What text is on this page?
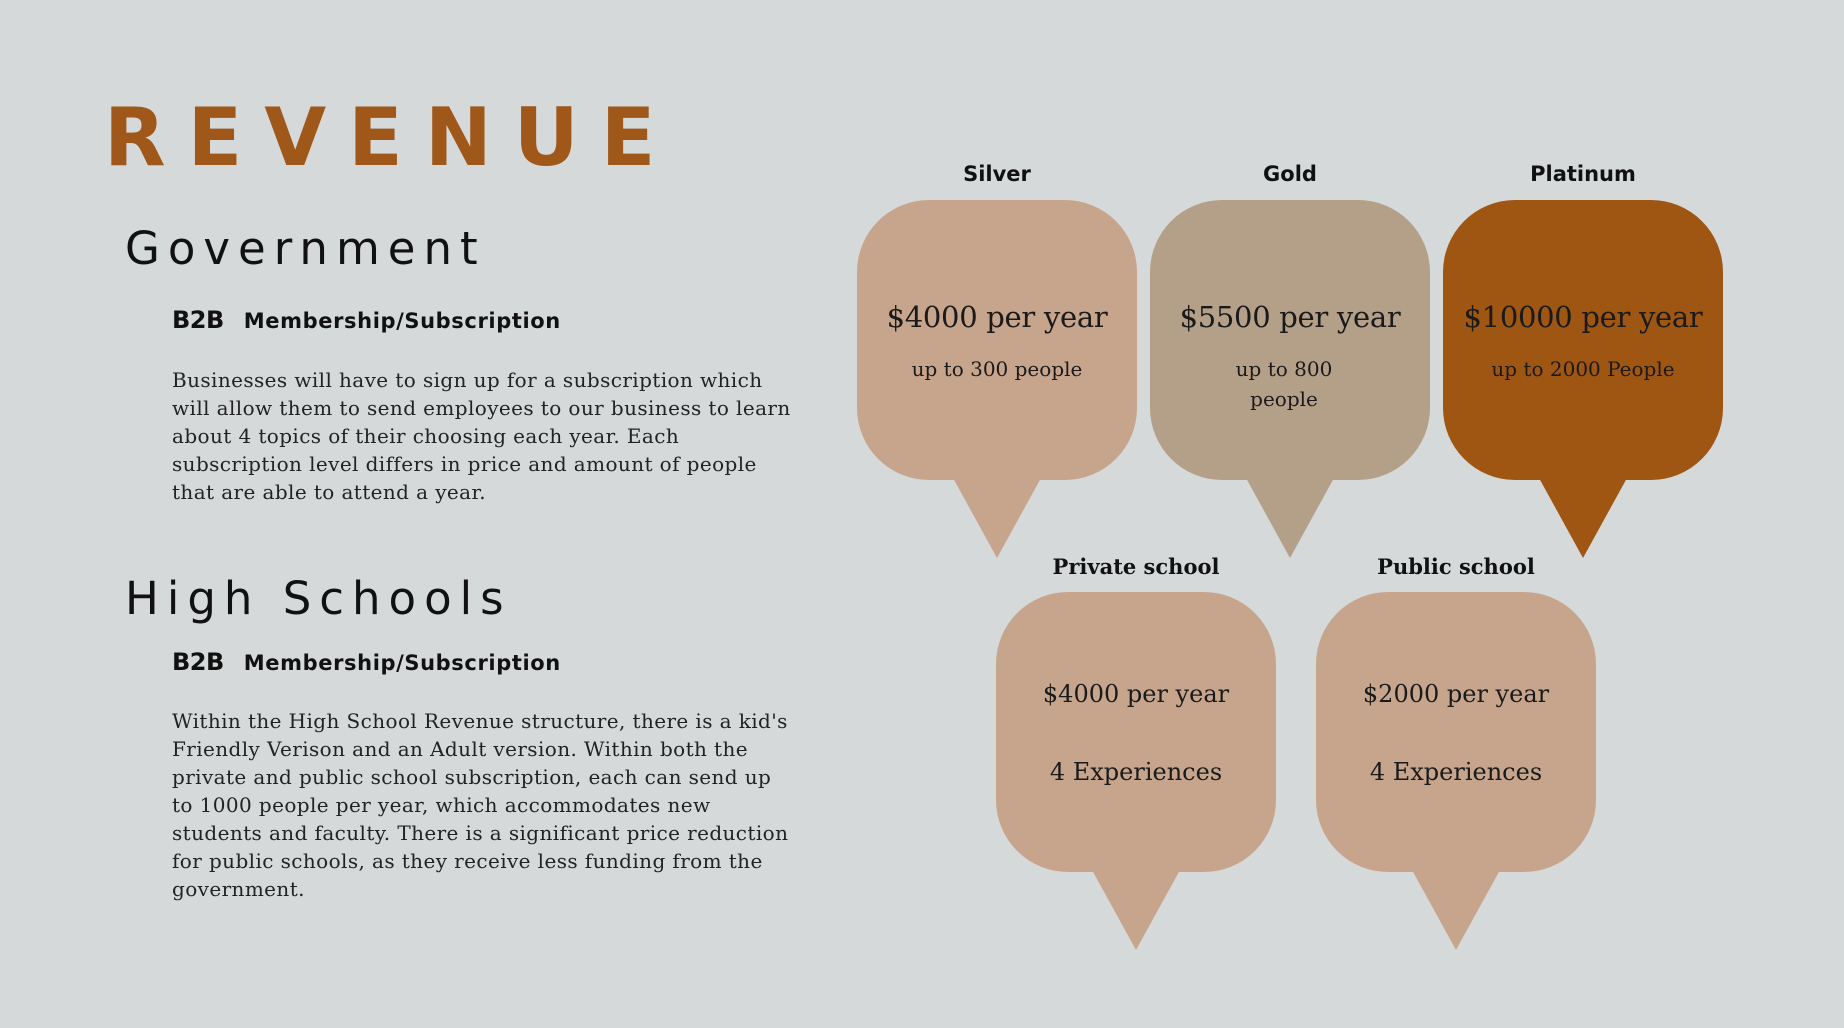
REVENUE
Government
B2B Membership/Subscription

Businesses will have to sign up for a subscription which will allow them to send employees to our business to learn about 4 topics of their choosing each year. Each subscription level differs in price and amount of people that are able to attend a year.

High Schools
B2B Membership/Subscription

Within the High School Revenue structure, there is a kid's Friendly Verison and an Adult version. Within both the private and public school subscription, each can send up to 1000 people per year, which accommodates new students and faculty. There is a significant price reduction for public schools, as they receive less funding from the government.

Silver
$4000 per year
up to 300 people
Gold
$5500 per year
up to 800 people
Platinum
$10000 per year
up to 2000 People
Private school
$4000 per year
4 Experiences
Public school
$2000 per year
4 Experiences
